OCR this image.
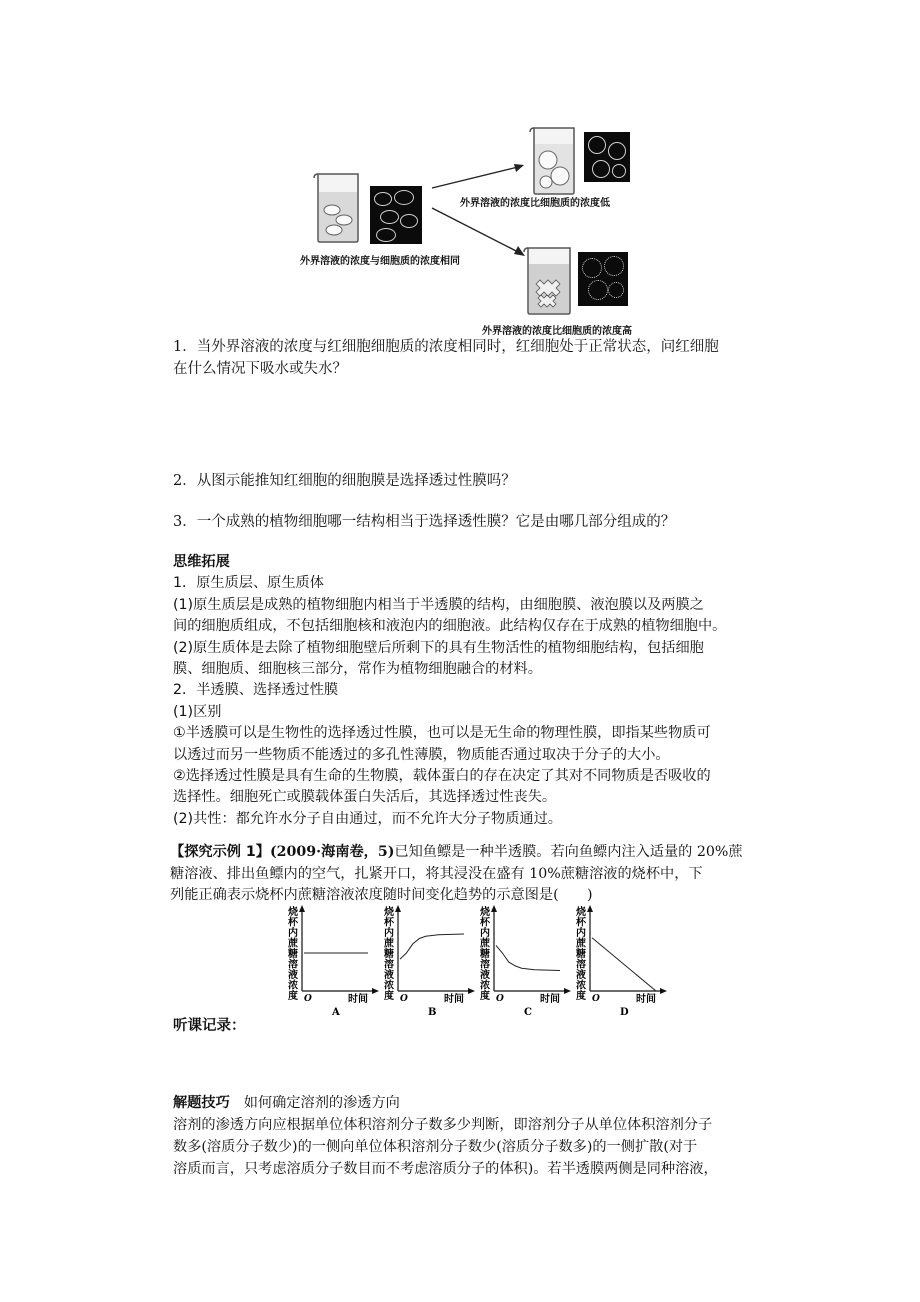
外界溶液的浓度与细胞质的浓度相同
外界溶液的浓度比细胞质的浓度低
外界溶液的浓度比细胞质的浓度高
1．当外界溶液的浓度与红细胞细胞质的浓度相同时，红细胞处于正常状态，问红细胞
在什么情况下吸水或失水？
2．从图示能推知红细胞的细胞膜是选择透过性膜吗？
3．一个成熟的植物细胞哪一结构相当于选择透性膜？它是由哪几部分组成的？
思维拓展
1．原生质层、原生质体
(1)原生质层是成熟的植物细胞内相当于半透膜的结构，由细胞膜、液泡膜以及两膜之
间的细胞质组成，不包括细胞核和液泡内的细胞液。此结构仅存在于成熟的植物细胞中。
(2)原生质体是去除了植物细胞壁后所剩下的具有生物活性的植物细胞结构，包括细胞
膜、细胞质、细胞核三部分，常作为植物细胞融合的材料。
2．半透膜、选择透过性膜
(1)区别
①半透膜可以是生物性的选择透过性膜，也可以是无生命的物理性膜，即指某些物质可
以透过而另一些物质不能透过的多孔性薄膜，物质能否通过取决于分子的大小。
②选择透过性膜是具有生命的生物膜，载体蛋白的存在决定了其对不同物质是否吸收的
选择性。细胞死亡或膜载体蛋白失活后，其选择透过性丧失。
(2)共性：都允许水分子自由通过，而不允许大分子物质通过。
【探究示例 1】(2009·海南卷，5)已知鱼鳔是一种半透膜。若向鱼鳔内注入适量的 20%蔗
糖溶液、排出鱼鳔内的空气，扎紧开口，将其浸没在盛有 10%蔗糖溶液的烧杯中，下
列能正确表示烧杯内蔗糖溶液浓度随时间变化趋势的示意图是(　　)
烧杯内蔗糖溶液浓度 O	时间
A
烧杯内蔗糖溶液浓度 O	时间
B
烧杯内蔗糖溶液浓度 O	时间
C
烧杯内蔗糖溶液浓度 O	时间
D
听课记录：
解题技巧 如何确定溶剂的渗透方向
溶剂的渗透方向应根据单位体积溶剂分子数多少判断，即溶剂分子从单位体积溶剂分子
数多(溶质分子数少)的一侧向单位体积溶剂分子数少(溶质分子数多)的一侧扩散(对于
溶质而言，只考虑溶质分子数目而不考虑溶质分子的体积)。若半透膜两侧是同种溶液，
